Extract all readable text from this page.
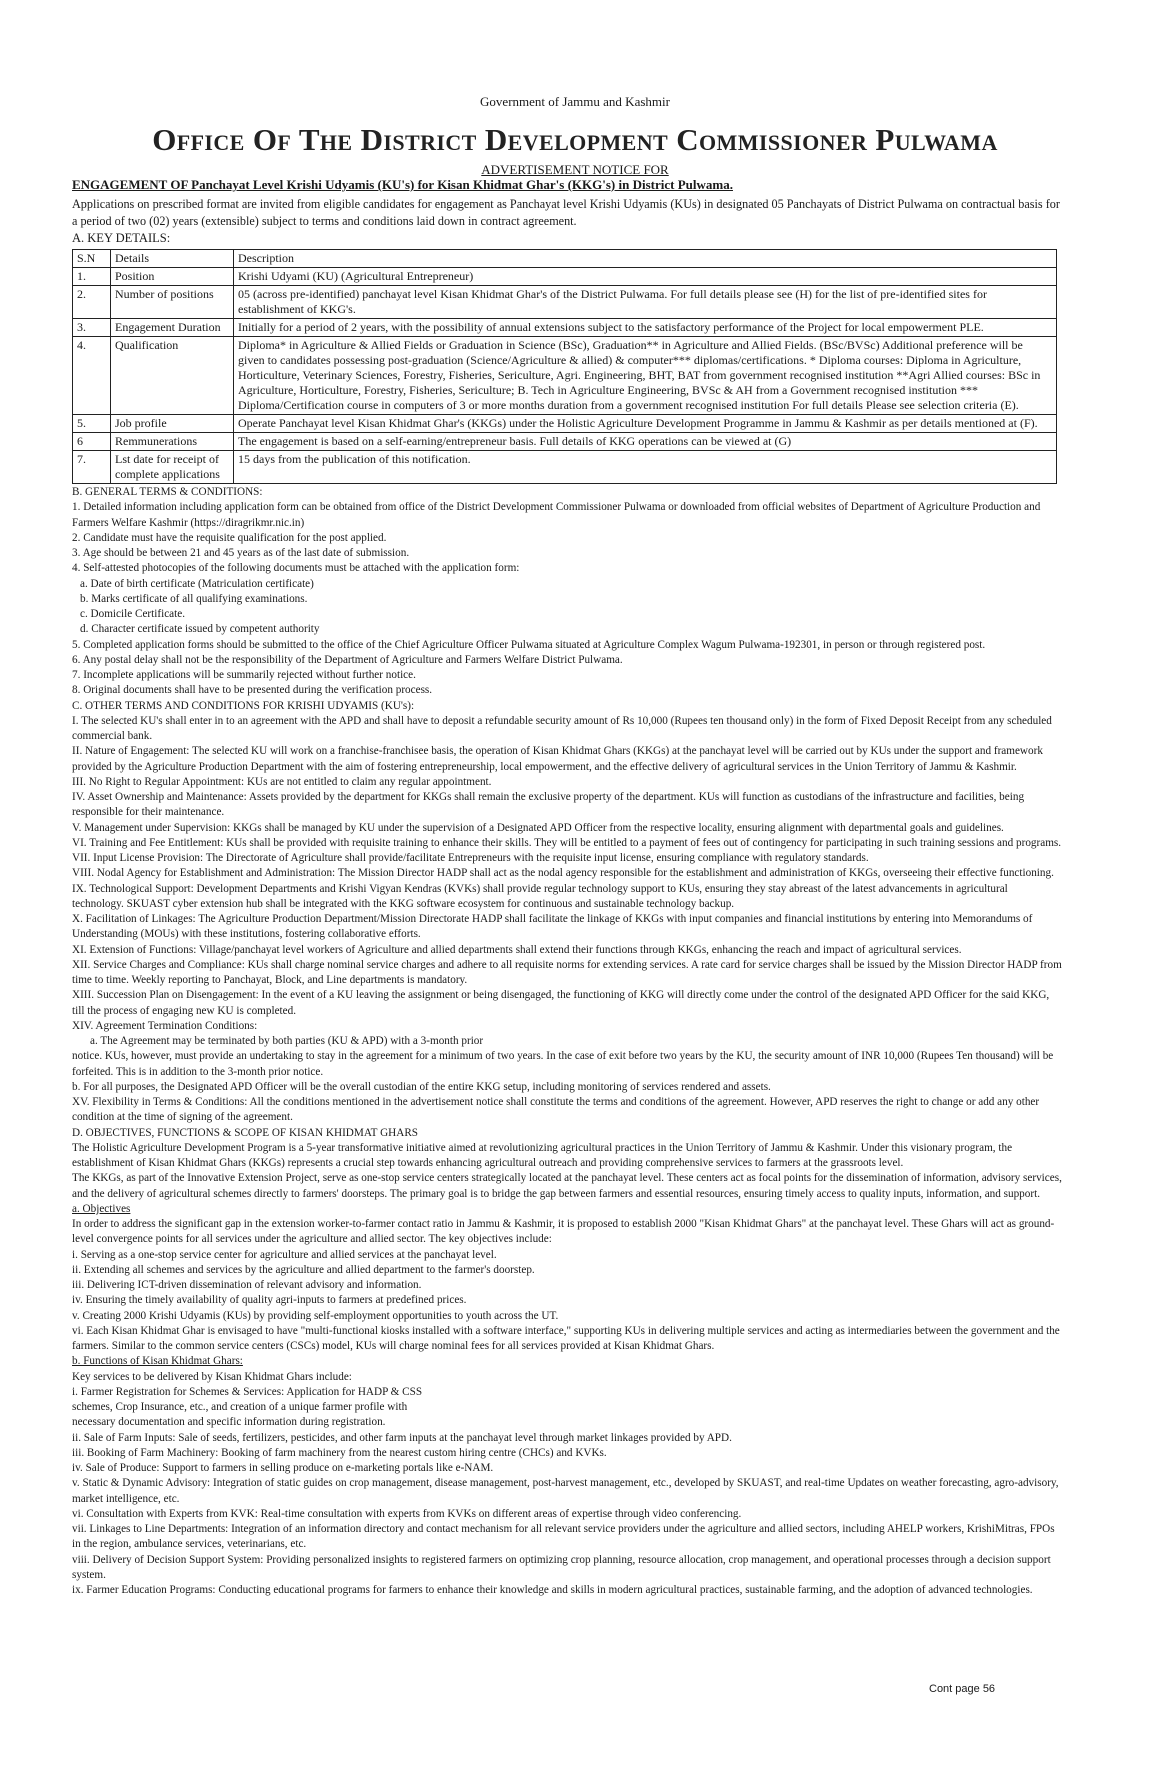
Government of Jammu and Kashmir
Office Of The District Development Commissioner Pulwama
ADVERTISEMENT NOTICE FOR
ENGAGEMENT OF Panchayat Level Krishi Udyamis (KU's) for Kisan Khidmat Ghar's (KKG's) in District Pulwama.
Applications on prescribed format are invited from eligible candidates for engagement as Panchayat level Krishi Udyamis (KUs) in designated 05 Panchayats of District Pulwama on contractual basis for a period of two (02) years (extensible) subject to terms and conditions laid down in contract agreement.
A. KEY DETAILS:
S.N	Details	Description
1.	Position	Krishi Udyami (KU) (Agricultural Entrepreneur)
2.	Number of positions	05 (across pre-identified) panchayat level Kisan Khidmat Ghar's of the District Pulwama. For full details please see (H) for the list of pre-identified sites for establishment of KKG's.
3.	Engagement Duration	Initially for a period of 2 years, with the possibility of annual extensions subject to the satisfactory performance of the Project for local empowerment PLE.
4.	Qualification	Diploma* in Agriculture & Allied Fields or Graduation in Science (BSc), Graduation** in Agriculture and Allied Fields. (BSc/BVSc) Additional preference will be given to candidates possessing post-graduation (Science/Agriculture & allied) & computer*** diplomas/certifications. * Diploma courses: Diploma in Agriculture, Horticulture, Veterinary Sciences, Forestry, Fisheries, Sericulture, Agri. Engineering, BHT, BAT from government recognised institution **Agri Allied courses: BSc in Agriculture, Horticulture, Forestry, Fisheries, Sericulture; B. Tech in Agriculture Engineering, BVSc & AH from a Government recognised institution *** Diploma/Certification course in computers of 3 or more months duration from a government recognised institution For full details Please see selection criteria (E).
5.	Job profile	Operate Panchayat level Kisan Khidmat Ghar's (KKGs) under the Holistic Agriculture Development Programme in Jammu & Kashmir as per details mentioned at (F).
6	Remmunerations	The engagement is based on a self-earning/entrepreneur basis. Full details of KKG operations can be viewed at (G)
7.	Lst date for receipt of complete applications	15 days from the publication of this notification.

B. GENERAL TERMS & CONDITIONS:

1. Detailed information including application form can be obtained from office of the District Development Commissioner Pulwama or downloaded from official websites of Department of Agriculture Production and Farmers Welfare Kashmir (https://diragrikmr.nic.in)

2. Candidate must have the requisite qualification for the post applied.

3. Age should be between 21 and 45 years as of the last date of submission.

4. Self-attested photocopies of the following documents must be attached with the application form:

a. Date of birth certificate (Matriculation certificate)

b. Marks certificate of all qualifying examinations.

c. Domicile Certificate.

d. Character certificate issued by competent authority

5. Completed application forms should be submitted to the office of the Chief Agriculture Officer Pulwama situated at Agriculture Complex Wagum Pulwama-192301, in person or through registered post.

6. Any postal delay shall not be the responsibility of the Department of Agriculture and Farmers Welfare District Pulwama.

7. Incomplete applications will be summarily rejected without further notice.

8. Original documents shall have to be presented during the verification process.

C. OTHER TERMS AND CONDITIONS FOR KRISHI UDYAMIS (KU's):

I. The selected KU's shall enter in to an agreement with the APD and shall have to deposit a refundable security amount of Rs 10,000 (Rupees ten thousand only) in the form of Fixed Deposit Receipt from any scheduled commercial bank.

II. Nature of Engagement: The selected KU will work on a franchise-franchisee basis, the operation of Kisan Khidmat Ghars (KKGs) at the panchayat level will be carried out by KUs under the support and framework provided by the Agriculture Production Department with the aim of fostering entrepreneurship, local empowerment, and the effective delivery of agricultural services in the Union Territory of Jammu & Kashmir.

III. No Right to Regular Appointment: KUs are not entitled to claim any regular appointment.

IV. Asset Ownership and Maintenance: Assets provided by the department for KKGs shall remain the exclusive property of the department. KUs will function as custodians of the infrastructure and facilities, being responsible for their maintenance.

V. Management under Supervision: KKGs shall be managed by KU under the supervision of a Designated APD Officer from the respective locality, ensuring alignment with departmental goals and guidelines.

VI. Training and Fee Entitlement: KUs shall be provided with requisite training to enhance their skills. They will be entitled to a payment of fees out of contingency for participating in such training sessions and programs.

VII. Input License Provision: The Directorate of Agriculture shall provide/facilitate Entrepreneurs with the requisite input license, ensuring compliance with regulatory standards.

VIII. Nodal Agency for Establishment and Administration: The Mission Director HADP shall act as the nodal agency responsible for the establishment and administration of KKGs, overseeing their effective functioning.

IX. Technological Support: Development Departments and Krishi Vigyan Kendras (KVKs) shall provide regular technology support to KUs, ensuring they stay abreast of the latest advancements in agricultural technology. SKUAST cyber extension hub shall be integrated with the KKG software ecosystem for continuous and sustainable technology backup.

X. Facilitation of Linkages: The Agriculture Production Department/Mission Directorate HADP shall facilitate the linkage of KKGs with input companies and financial institutions by entering into Memorandums of Understanding (MOUs) with these institutions, fostering collaborative efforts.

XI. Extension of Functions: Village/panchayat level workers of Agriculture and allied departments shall extend their functions through KKGs, enhancing the reach and impact of agricultural services.

XII. Service Charges and Compliance: KUs shall charge nominal service charges and adhere to all requisite norms for extending services. A rate card for service charges shall be issued by the Mission Director HADP from time to time. Weekly reporting to Panchayat, Block, and Line departments is mandatory.

XIII. Succession Plan on Disengagement: In the event of a KU leaving the assignment or being disengaged, the functioning of KKG will directly come under the control of the designated APD Officer for the said KKG, till the process of engaging new KU is completed.

XIV. Agreement Termination Conditions:

a. The Agreement may be terminated by both parties (KU & APD) with a 3-month prior

notice. KUs, however, must provide an undertaking to stay in the agreement for a minimum of two years. In the case of exit before two years by the KU, the security amount of INR 10,000 (Rupees Ten thousand) will be forfeited. This is in addition to the 3-month prior notice.

b. For all purposes, the Designated APD Officer will be the overall custodian of the entire KKG setup, including monitoring of services rendered and assets.

XV. Flexibility in Terms & Conditions: All the conditions mentioned in the advertisement notice shall constitute the terms and conditions of the agreement. However, APD reserves the right to change or add any other condition at the time of signing of the agreement.

D. OBJECTIVES, FUNCTIONS & SCOPE OF KISAN KHIDMAT GHARS

The Holistic Agriculture Development Program is a 5-year transformative initiative aimed at revolutionizing agricultural practices in the Union Territory of Jammu & Kashmir. Under this visionary program, the establishment of Kisan Khidmat Ghars (KKGs) represents a crucial step towards enhancing agricultural outreach and providing comprehensive services to farmers at the grassroots level.

The KKGs, as part of the Innovative Extension Project, serve as one-stop service centers strategically located at the panchayat level. These centers act as focal points for the dissemination of information, advisory services, and the delivery of agricultural schemes directly to farmers' doorsteps. The primary goal is to bridge the gap between farmers and essential resources, ensuring timely access to quality inputs, information, and support.

a. Objectives

In order to address the significant gap in the extension worker-to-farmer contact ratio in Jammu & Kashmir, it is proposed to establish 2000 "Kisan Khidmat Ghars" at the panchayat level. These Ghars will act as ground-level convergence points for all services under the agriculture and allied sector. The key objectives include:

i. Serving as a one-stop service center for agriculture and allied services at the panchayat level.

ii. Extending all schemes and services by the agriculture and allied department to the farmer's doorstep.

iii. Delivering ICT-driven dissemination of relevant advisory and information.

iv. Ensuring the timely availability of quality agri-inputs to farmers at predefined prices.

v. Creating 2000 Krishi Udyamis (KUs) by providing self-employment opportunities to youth across the UT.

vi. Each Kisan Khidmat Ghar is envisaged to have "multi-functional kiosks installed with a software interface," supporting KUs in delivering multiple services and acting as intermediaries between the government and the farmers. Similar to the common service centers (CSCs) model, KUs will charge nominal fees for all services provided at Kisan Khidmat Ghars.

b. Functions of Kisan Khidmat Ghars:

Key services to be delivered by Kisan Khidmat Ghars include:

i. Farmer Registration for Schemes & Services: Application for HADP & CSS

schemes, Crop Insurance, etc., and creation of a unique farmer profile with

necessary documentation and specific information during registration.

ii. Sale of Farm Inputs: Sale of seeds, fertilizers, pesticides, and other farm inputs at the panchayat level through market linkages provided by APD.

iii. Booking of Farm Machinery: Booking of farm machinery from the nearest custom hiring centre (CHCs) and KVKs.

iv. Sale of Produce: Support to farmers in selling produce on e-marketing portals like e-NAM.

v. Static & Dynamic Advisory: Integration of static guides on crop management, disease management, post-harvest management, etc., developed by SKUAST, and real-time Updates on weather forecasting, agro-advisory, market intelligence, etc.

vi. Consultation with Experts from KVK: Real-time consultation with experts from KVKs on different areas of expertise through video conferencing.

vii. Linkages to Line Departments: Integration of an information directory and contact mechanism for all relevant service providers under the agriculture and allied sectors, including AHELP workers, KrishiMitras, FPOs in the region, ambulance services, veterinarians, etc.

viii. Delivery of Decision Support System: Providing personalized insights to registered farmers on optimizing crop planning, resource allocation, crop management, and operational processes through a decision support system.

ix. Farmer Education Programs: Conducting educational programs for farmers to enhance their knowledge and skills in modern agricultural practices, sustainable farming, and the adoption of advanced technologies.

Cont page 56
